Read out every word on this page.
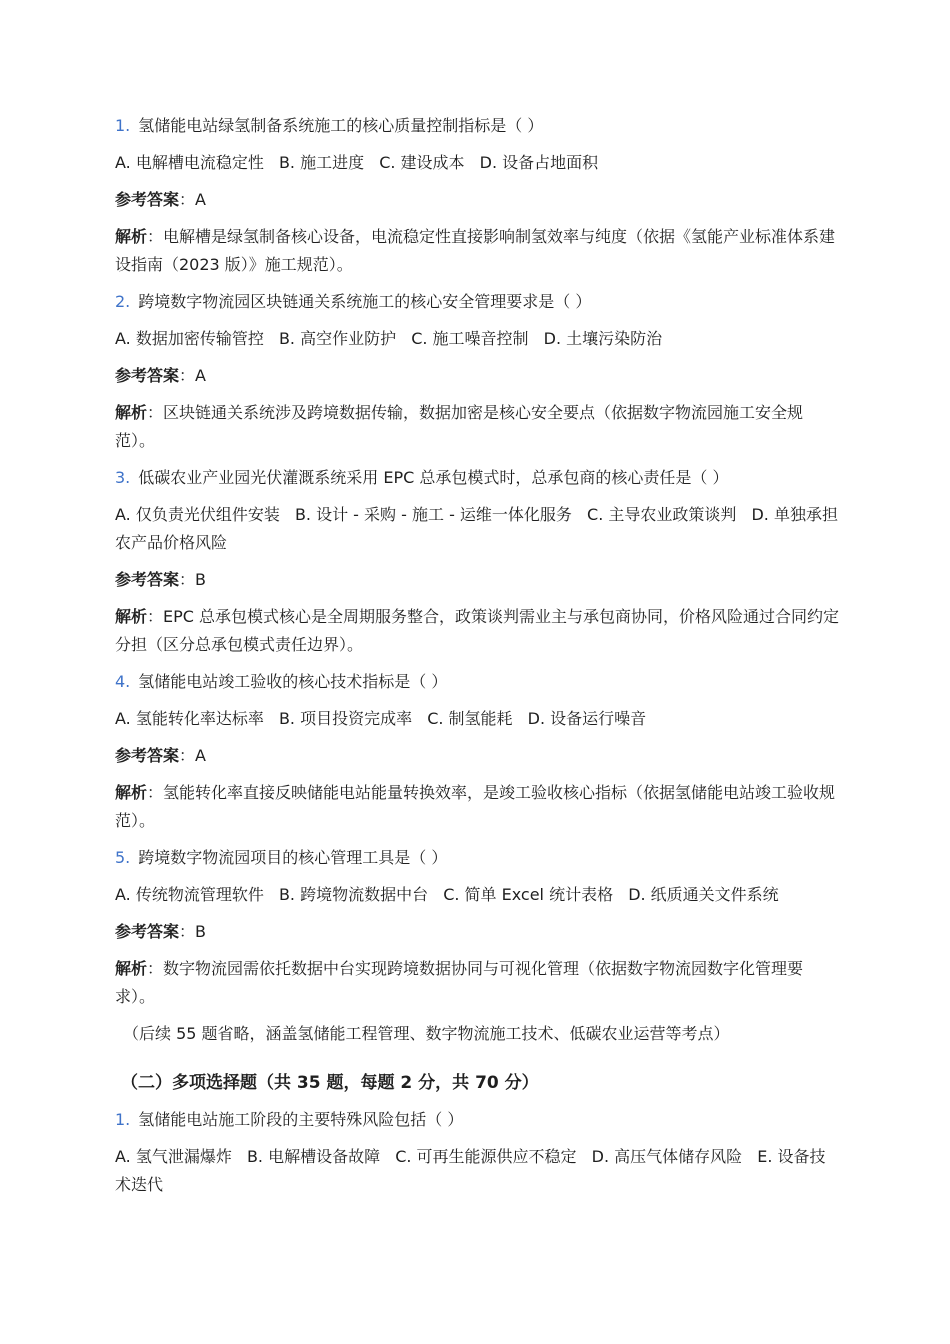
1. 氢储能电站绿氢制备系统施工的核心质量控制指标是（ ）
A. 电解槽电流稳定性 B. 施工进度 C. 建设成本 D. 设备占地面积
参考答案：A
解析：电解槽是绿氢制备核心设备，电流稳定性直接影响制氢效率与纯度（依据《氢能产业标准体系建设指南（2023 版）》施工规范）。
2. 跨境数字物流园区块链通关系统施工的核心安全管理要求是（ ）
A. 数据加密传输管控 B. 高空作业防护 C. 施工噪音控制 D. 土壤污染防治
参考答案：A
解析：区块链通关系统涉及跨境数据传输，数据加密是核心安全要点（依据数字物流园施工安全规范）。
3. 低碳农业产业园光伏灌溉系统采用 EPC 总承包模式时，总承包商的核心责任是（ ）
A. 仅负责光伏组件安装 B. 设计 - 采购 - 施工 - 运维一体化服务 C. 主导农业政策谈判 D. 单独承担农产品价格风险
参考答案：B
解析：EPC 总承包模式核心是全周期服务整合，政策谈判需业主与承包商协同，价格风险通过合同约定分担（区分总承包模式责任边界）。
4. 氢储能电站竣工验收的核心技术指标是（ ）
A. 氢能转化率达标率 B. 项目投资完成率 C. 制氢能耗 D. 设备运行噪音
参考答案：A
解析：氢能转化率直接反映储能电站能量转换效率，是竣工验收核心指标（依据氢储能电站竣工验收规范）。
5. 跨境数字物流园项目的核心管理工具是（ ）
A. 传统物流管理软件 B. 跨境物流数据中台 C. 简单 Excel 统计表格 D. 纸质通关文件系统
参考答案：B
解析：数字物流园需依托数据中台实现跨境数据协同与可视化管理（依据数字物流园数字化管理要求）。
（后续 55 题省略，涵盖氢储能工程管理、数字物流施工技术、低碳农业运营等考点）
（二）多项选择题（共 35 题，每题 2 分，共 70 分）
1. 氢储能电站施工阶段的主要特殊风险包括（ ）
A. 氢气泄漏爆炸 B. 电解槽设备故障 C. 可再生能源供应不稳定 D. 高压气体储存风险 E. 设备技术迭代
